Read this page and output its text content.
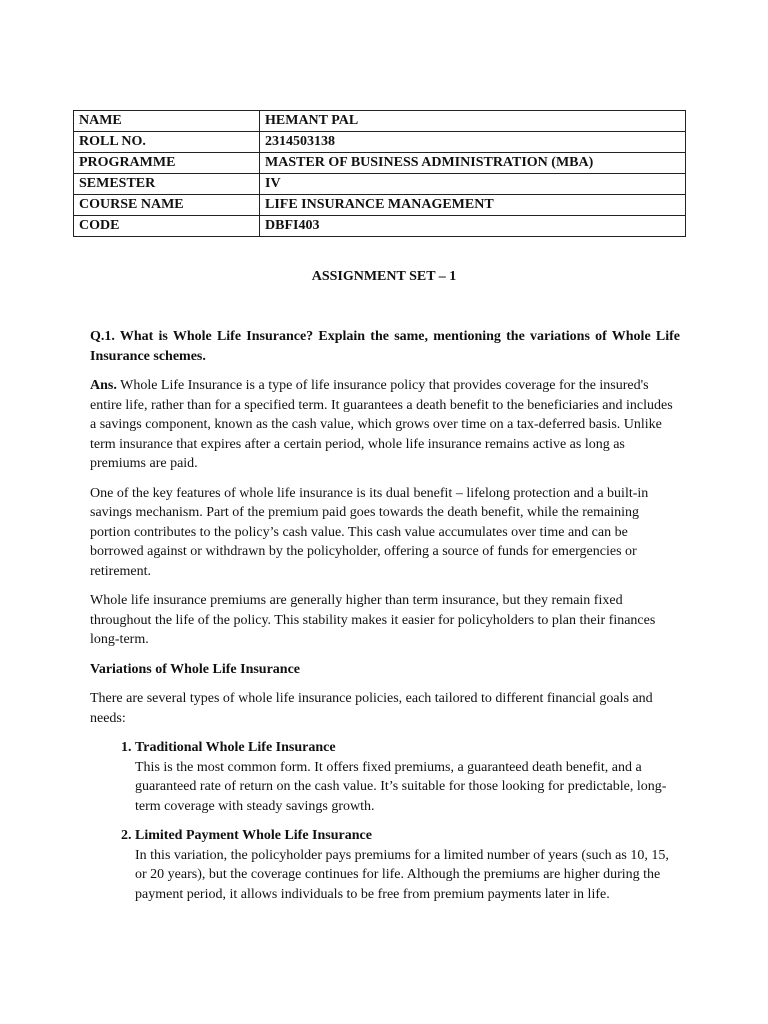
NAME	HEMANT PAL
ROLL NO.	2314503138
PROGRAMME	MASTER OF BUSINESS ADMINISTRATION (MBA)
SEMESTER	IV
COURSE NAME	LIFE INSURANCE MANAGEMENT
CODE	DBFI403
ASSIGNMENT SET – 1

Q.1. What is Whole Life Insurance? Explain the same, mentioning the variations of Whole Life Insurance schemes.

Ans. Whole Life Insurance is a type of life insurance policy that provides coverage for the insured's entire life, rather than for a specified term. It guarantees a death benefit to the beneficiaries and includes a savings component, known as the cash value, which grows over time on a tax-deferred basis. Unlike term insurance that expires after a certain period, whole life insurance remains active as long as premiums are paid.

One of the key features of whole life insurance is its dual benefit – lifelong protection and a built-in savings mechanism. Part of the premium paid goes towards the death benefit, while the remaining portion contributes to the policy’s cash value. This cash value accumulates over time and can be borrowed against or withdrawn by the policyholder, offering a source of funds for emergencies or retirement.

Whole life insurance premiums are generally higher than term insurance, but they remain fixed throughout the life of the policy. This stability makes it easier for policyholders to plan their finances long-term.

Variations of Whole Life Insurance

There are several types of whole life insurance policies, each tailored to different financial goals and needs:

1. Traditional Whole Life Insurance
This is the most common form. It offers fixed premiums, a guaranteed death benefit, and a guaranteed rate of return on the cash value. It’s suitable for those looking for predictable, long-term coverage with steady savings growth.
2. Limited Payment Whole Life Insurance
In this variation, the policyholder pays premiums for a limited number of years (such as 10, 15, or 20 years), but the coverage continues for life. Although the premiums are higher during the payment period, it allows individuals to be free from premium payments later in life.
